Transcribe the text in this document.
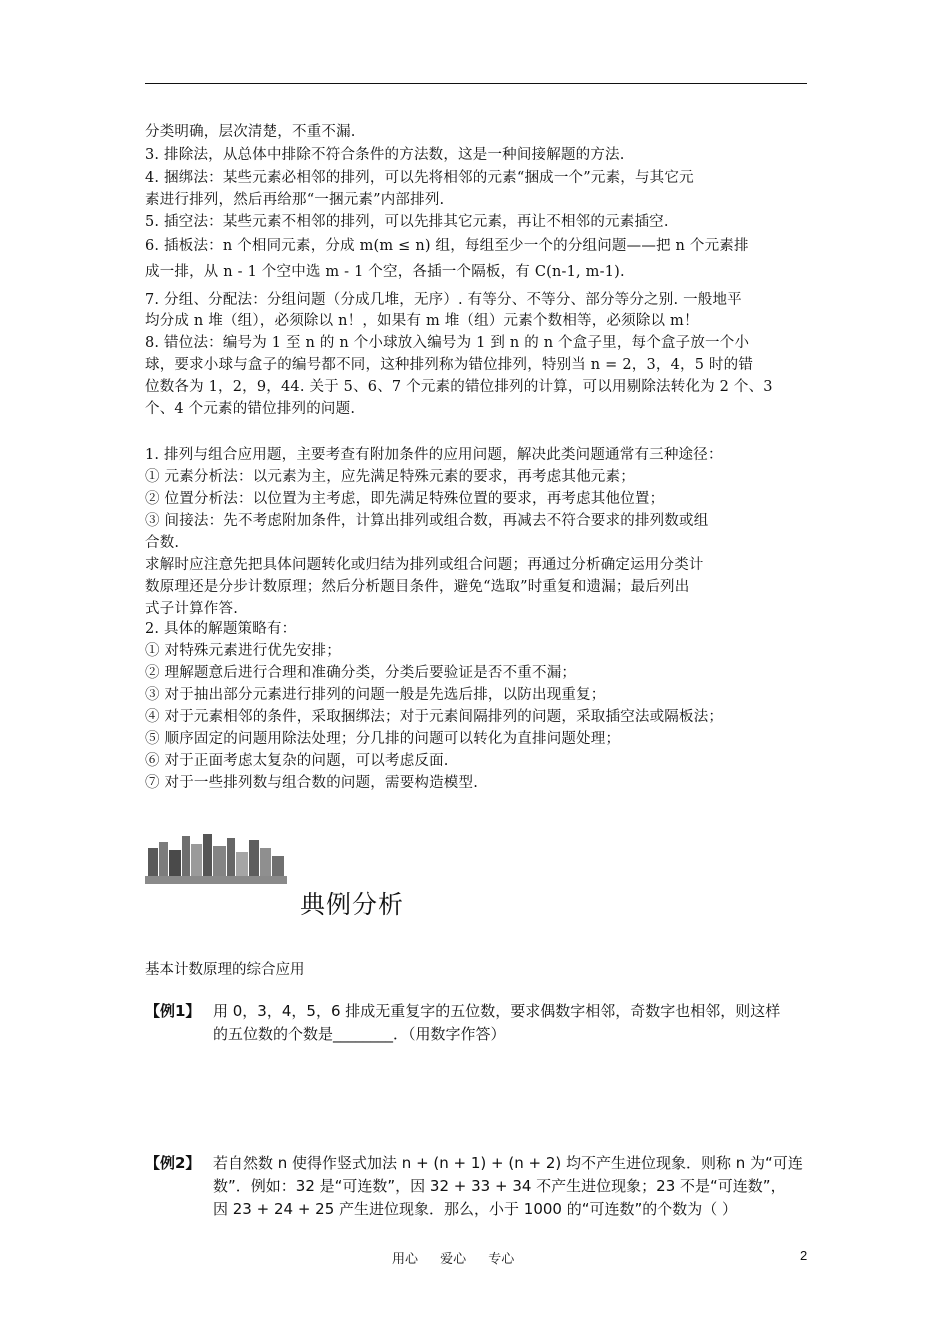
分类明确，层次清楚，不重不漏.
3. 排除法，从总体中排除不符合条件的方法数，这是一种间接解题的方法.
4. 捆绑法：某些元素必相邻的排列，可以先将相邻的元素“捆成一个”元素，与其它元
素进行排列，然后再给那“一捆元素”内部排列.
5. 插空法：某些元素不相邻的排列，可以先排其它元素，再让不相邻的元素插空.
6. 插板法：n 个相同元素，分成 m(m ≤ n) 组，每组至少一个的分组问题——把 n 个元素排
成一排，从 n - 1 个空中选 m - 1 个空，各插一个隔板，有 C(n-1, m-1).
7. 分组、分配法：分组问题（分成几堆，无序）. 有等分、不等分、部分等分之别. 一般地平
均分成 n 堆（组），必须除以 n！，如果有 m 堆（组）元素个数相等，必须除以 m！
8. 错位法：编号为 1 至 n 的 n 个小球放入编号为 1 到 n 的 n 个盒子里，每个盒子放一个小
球，要求小球与盒子的编号都不同，这种排列称为错位排列，特别当 n = 2，3，4，5 时的错
位数各为 1，2，9，44. 关于 5、6、7 个元素的错位排列的计算，可以用剔除法转化为 2 个、3
个、4 个元素的错位排列的问题.
1. 排列与组合应用题，主要考查有附加条件的应用问题，解决此类问题通常有三种途径：
① 元素分析法：以元素为主，应先满足特殊元素的要求，再考虑其他元素；
② 位置分析法：以位置为主考虑，即先满足特殊位置的要求，再考虑其他位置；
③ 间接法：先不考虑附加条件，计算出排列或组合数，再减去不符合要求的排列数或组
合数.
求解时应注意先把具体问题转化或归结为排列或组合问题；再通过分析确定运用分类计
数原理还是分步计数原理；然后分析题目条件，避免“选取”时重复和遗漏；最后列出
式子计算作答.
2. 具体的解题策略有：
① 对特殊元素进行优先安排；
② 理解题意后进行合理和准确分类，分类后要验证是否不重不漏；
③ 对于抽出部分元素进行排列的问题一般是先选后排，以防出现重复；
④ 对于元素相邻的条件，采取捆绑法；对于元素间隔排列的问题，采取插空法或隔板法；
⑤ 顺序固定的问题用除法处理；分几排的问题可以转化为直排问题处理；
⑥ 对于正面考虑太复杂的问题，可以考虑反面.
⑦ 对于一些排列数与组合数的问题，需要构造模型.
典例分析
基本计数原理的综合应用
【例1】 用 0，3，4，5，6 排成无重复字的五位数，要求偶数字相邻，奇数字也相邻，则这样
的五位数的个数是________．（用数字作答）
【例2】 若自然数 n 使得作竖式加法 n + (n + 1) + (n + 2) 均不产生进位现象．则称 n 为“可连
数”．例如：32 是“可连数”，因 32 + 33 + 34 不产生进位现象；23 不是“可连数”，
因 23 + 24 + 25 产生进位现象．那么，小于 1000 的“可连数”的个数为（ ）
用心 爱心 专心	2
